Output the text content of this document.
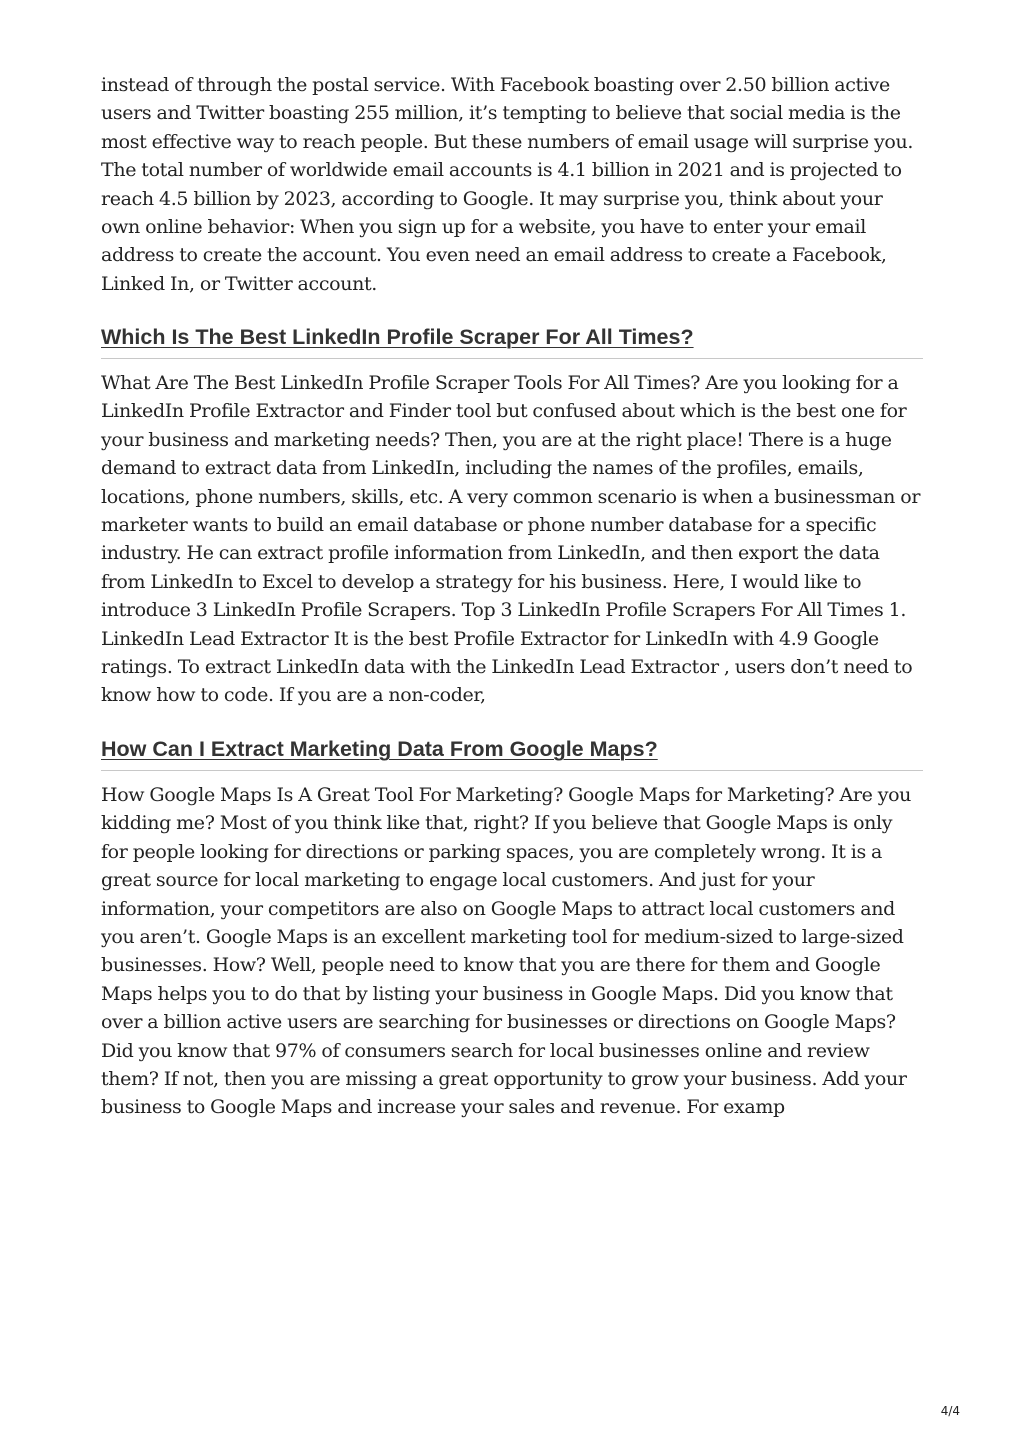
instead of through the postal service. With Facebook boasting over 2.50 billion active users and Twitter boasting 255 million, it’s tempting to believe that social media is the most effective way to reach people. But these numbers of email usage will surprise you. The total number of worldwide email accounts is 4.1 billion in 2021 and is projected to reach 4.5 billion by 2023, according to Google. It may surprise you, think about your own online behavior: When you sign up for a website, you have to enter your email address to create the account. You even need an email address to create a Facebook, Linked In, or Twitter account.

Which Is The Best LinkedIn Profile Scraper For All Times?

What Are The Best LinkedIn Profile Scraper Tools For All Times? Are you looking for a LinkedIn Profile Extractor and Finder tool but confused about which is the best one for your business and marketing needs? Then, you are at the right place! There is a huge demand to extract data from LinkedIn, including the names of the profiles, emails, locations, phone numbers, skills, etc. A very common scenario is when a businessman or marketer wants to build an email database or phone number database for a specific industry. He can extract profile information from LinkedIn, and then export the data from LinkedIn to Excel to develop a strategy for his business. Here, I would like to introduce 3 LinkedIn Profile Scrapers. Top 3 LinkedIn Profile Scrapers For All Times 1. LinkedIn Lead Extractor It is the best Profile Extractor for LinkedIn with 4.9 Google ratings. To extract LinkedIn data with the LinkedIn Lead Extractor , users don’t need to know how to code. If you are a non-coder,

How Can I Extract Marketing Data From Google Maps?

How Google Maps Is A Great Tool For Marketing? Google Maps for Marketing? Are you kidding me? Most of you think like that, right? If you believe that Google Maps is only for people looking for directions or parking spaces, you are completely wrong. It is a great source for local marketing to engage local customers. And just for your information, your competitors are also on Google Maps to attract local customers and you aren’t. Google Maps is an excellent marketing tool for medium-sized to large-sized businesses. How? Well, people need to know that you are there for them and Google Maps helps you to do that by listing your business in Google Maps. Did you know that over a billion active users are searching for businesses or directions on Google Maps? Did you know that 97% of consumers search for local businesses online and review them? If not, then you are missing a great opportunity to grow your business. Add your business to Google Maps and increase your sales and revenue. For examp

4/4
